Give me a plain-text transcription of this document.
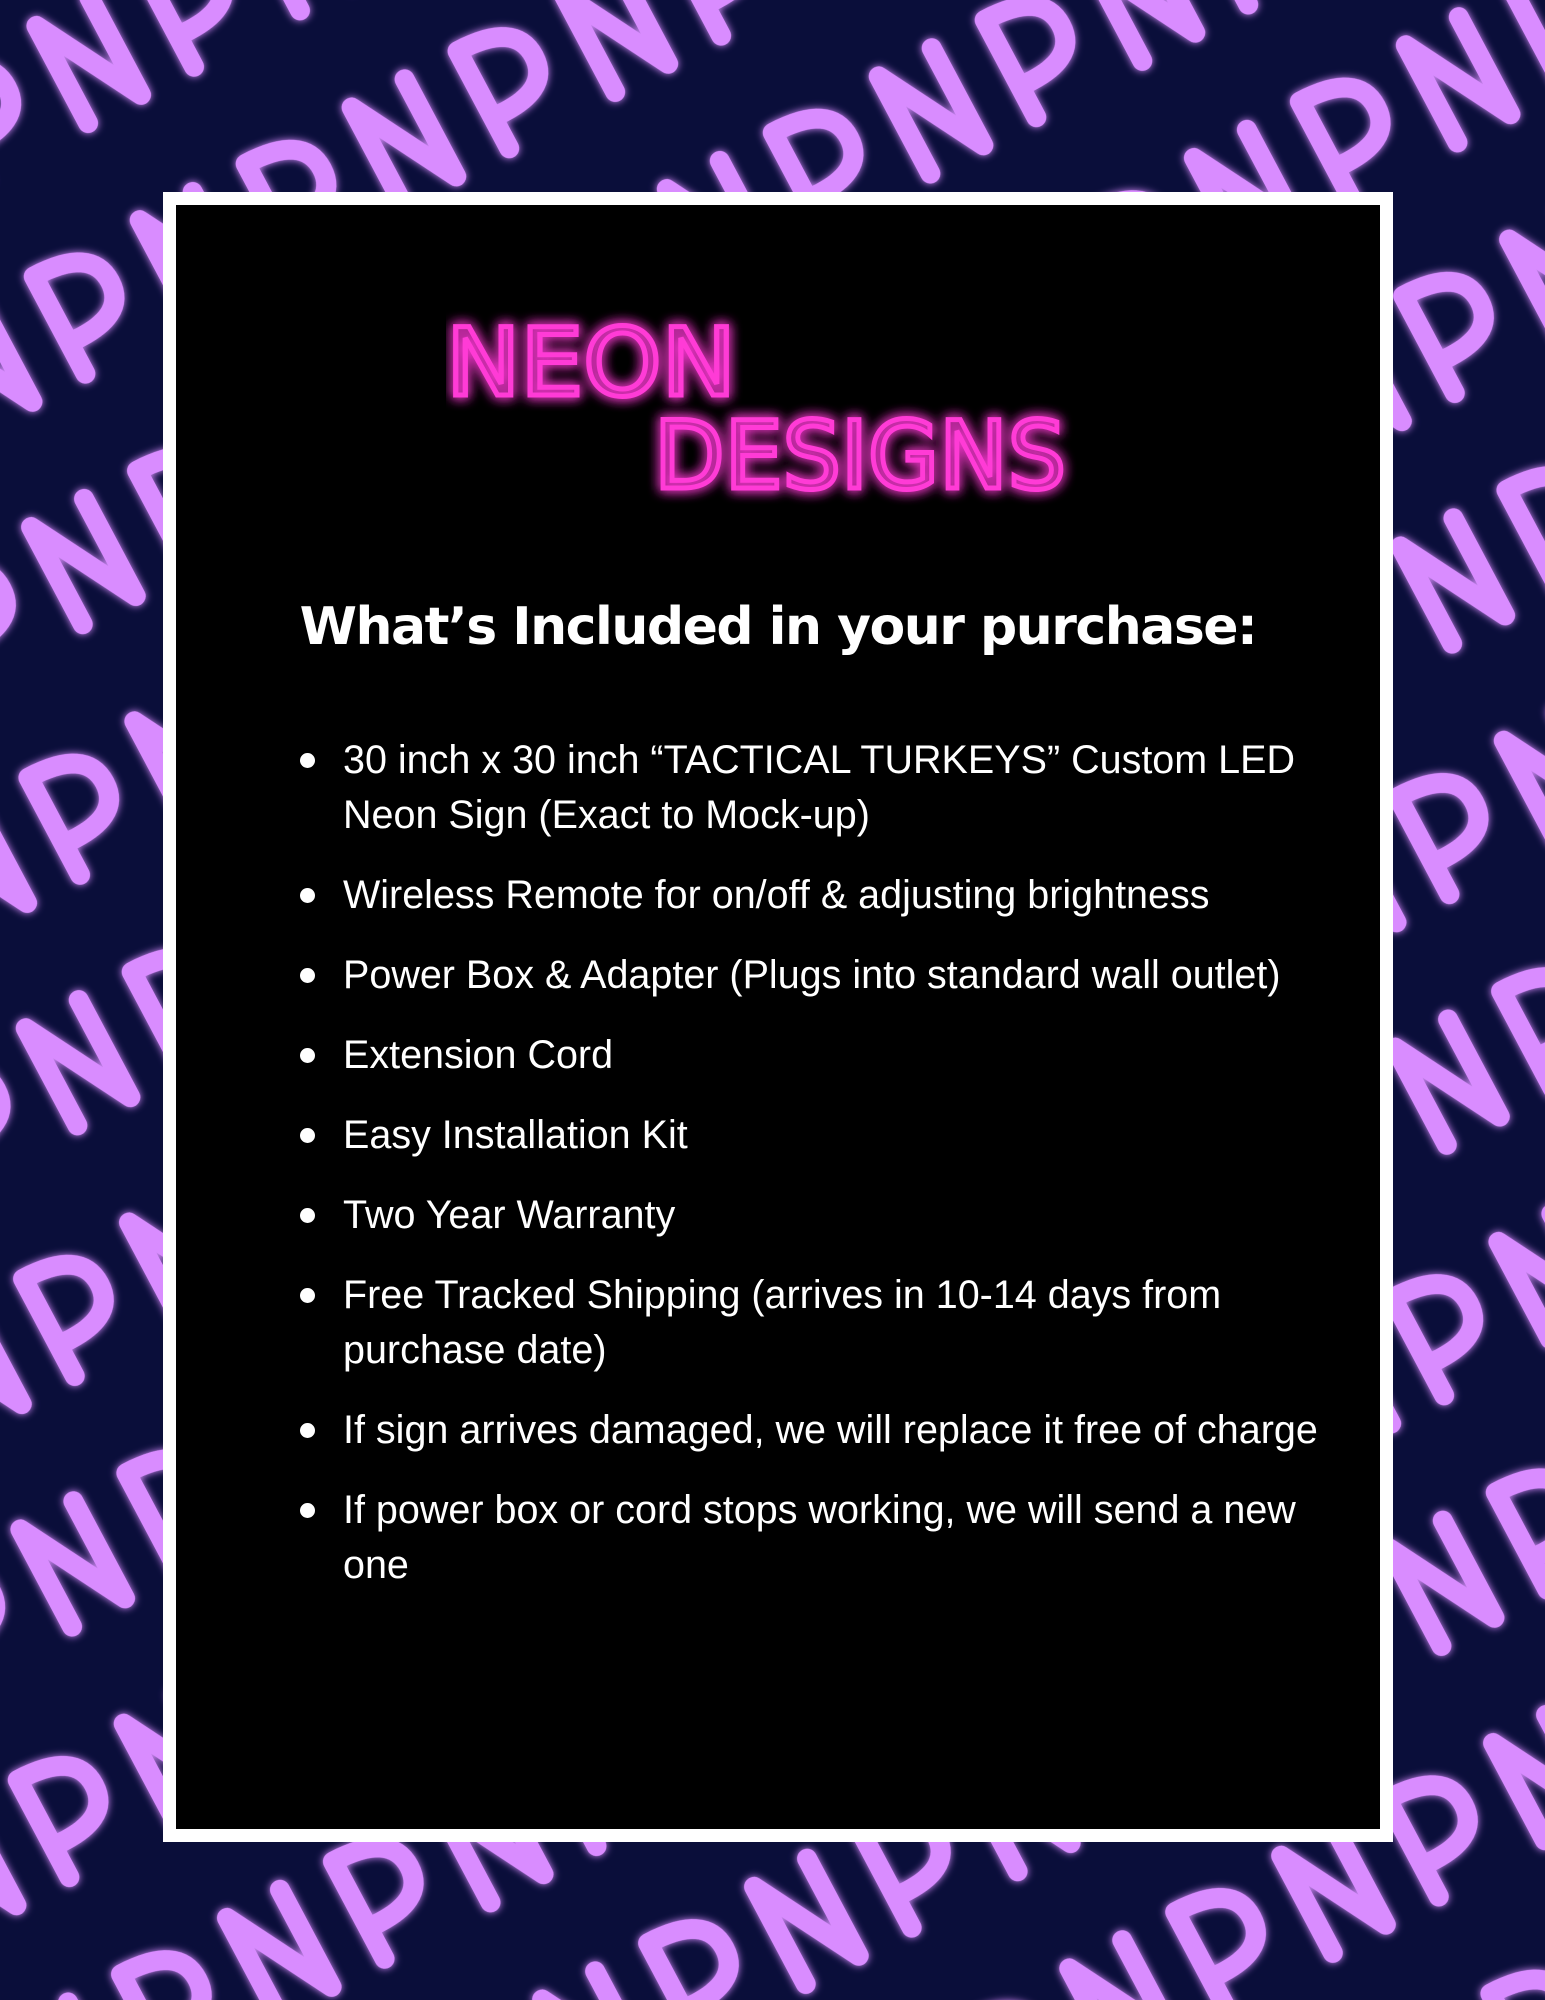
NEON
DESIGNS
What’s Included in your purchase:
30 inch x 30 inch “TACTICAL TURKEYS” Custom LED Neon Sign (Exact to Mock-up)
Wireless Remote for on/off & adjusting brightness
Power Box & Adapter (Plugs into standard wall outlet)
Extension Cord
Easy Installation Kit
Two Year Warranty
Free Tracked Shipping (arrives in 10-14 days from purchase date)
If sign arrives damaged, we will replace it free of charge
If power box or cord stops working, we will send a new one
